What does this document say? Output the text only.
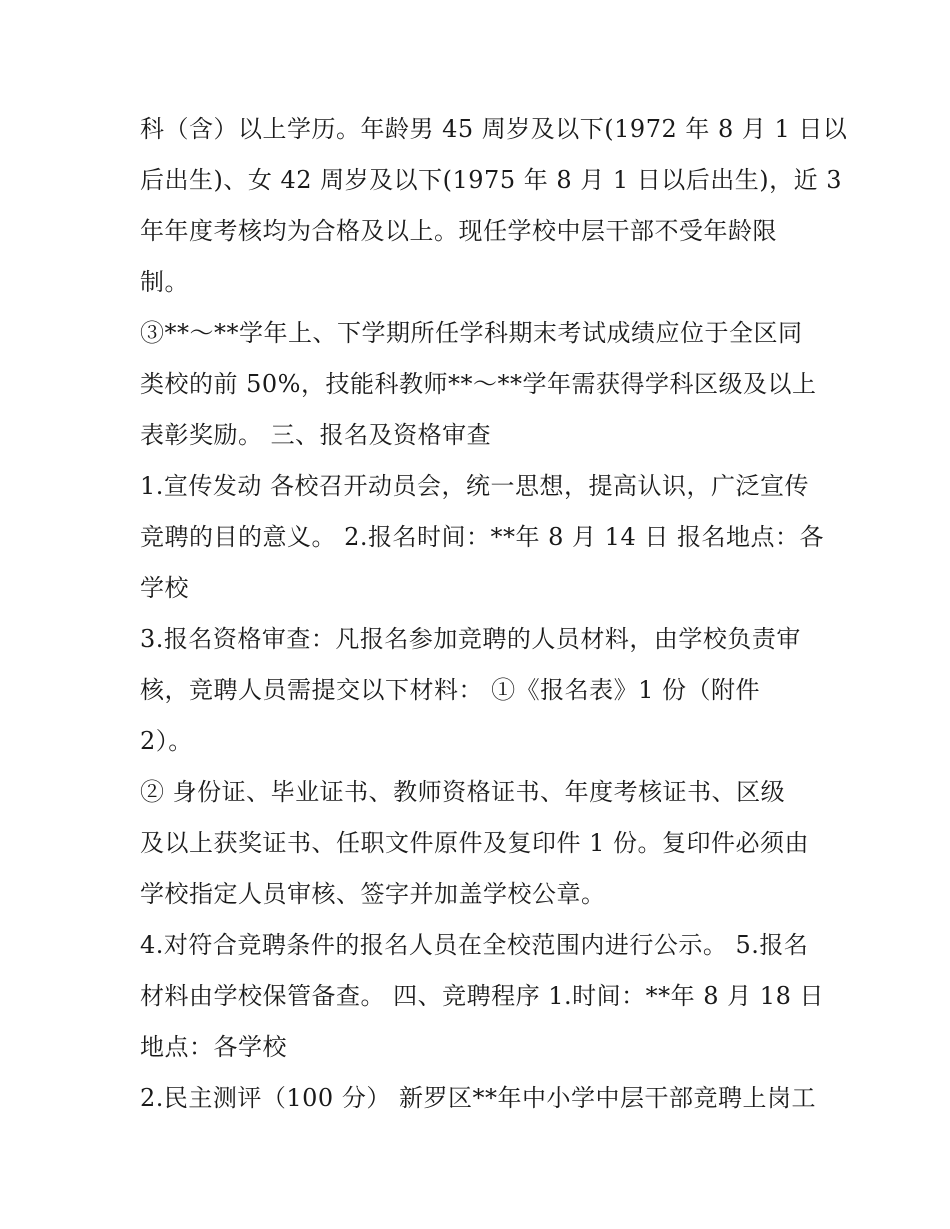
科（含）以上学历。年龄男 45 周岁及以下(1972 年 8 月 1 日以
后出生)、女 42 周岁及以下(1975 年 8 月 1 日以后出生)，近 3
年年度考核均为合格及以上。现任学校中层干部不受年龄限
制。
③**～**学年上、下学期所任学科期末考试成绩应位于全区同
类校的前 50%，技能科教师**～**学年需获得学科区级及以上
表彰奖励。 三、报名及资格审查
1.宣传发动 各校召开动员会，统一思想，提高认识，广泛宣传
竞聘的目的意义。 2.报名时间：**年 8 月 14 日 报名地点：各
学校
3.报名资格审查：凡报名参加竞聘的人员材料，由学校负责审
核，竞聘人员需提交以下材料： ①《报名表》1 份（附件
2）。
② 身份证、毕业证书、教师资格证书、年度考核证书、区级
及以上获奖证书、任职文件原件及复印件 1 份。复印件必须由
学校指定人员审核、签字并加盖学校公章。
4.对符合竞聘条件的报名人员在全校范围内进行公示。 5.报名
材料由学校保管备查。 四、竞聘程序 1.时间：**年 8 月 18 日
地点：各学校
2.民主测评（100 分） 新罗区**年中小学中层干部竞聘上岗工
